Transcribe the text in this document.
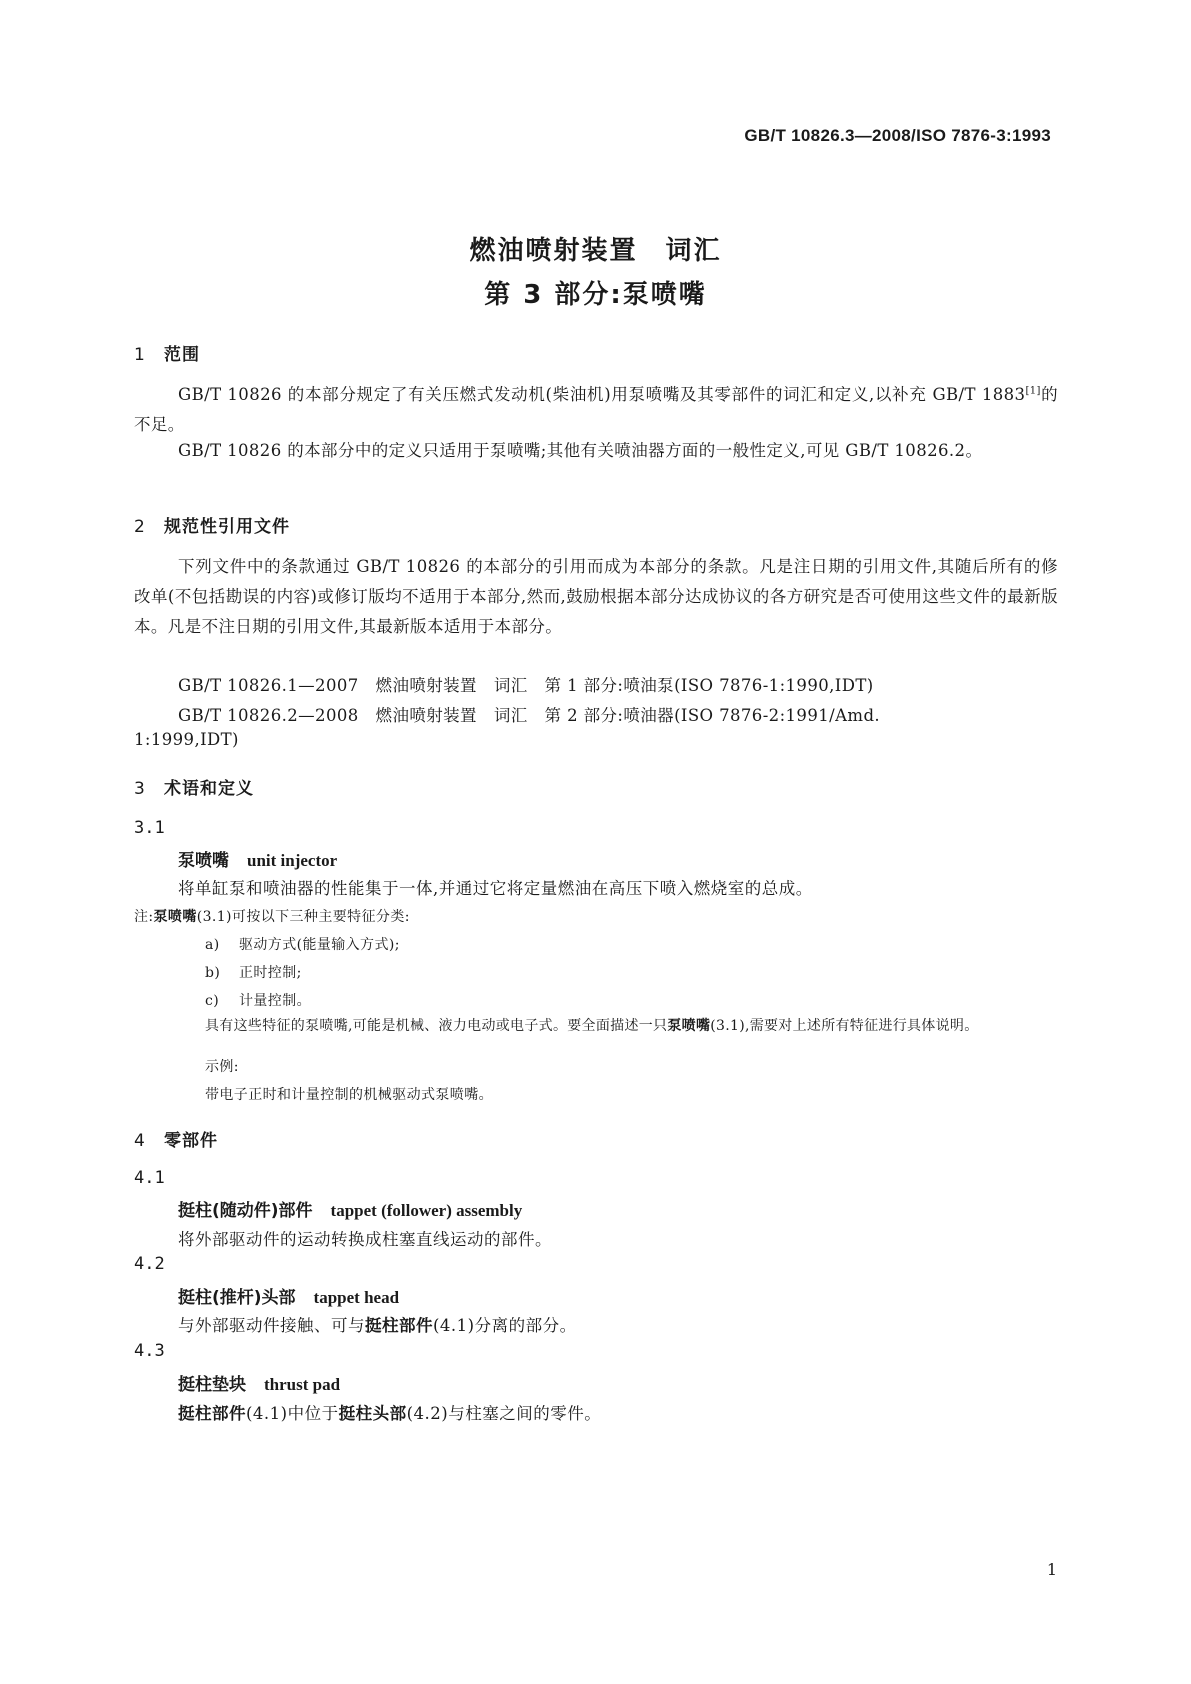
GB/T 10826.3—2008/ISO 7876-3:1993
燃油喷射装置　词汇
第 3 部分:泵喷嘴
1 范围
GB/T 10826 的本部分规定了有关压燃式发动机(柴油机)用泵喷嘴及其零部件的词汇和定义,以补充 GB/T 1883[1]的不足。
GB/T 10826 的本部分中的定义只适用于泵喷嘴;其他有关喷油器方面的一般性定义,可见 GB/T 10826.2。
2 规范性引用文件
下列文件中的条款通过 GB/T 10826 的本部分的引用而成为本部分的条款。凡是注日期的引用文件,其随后所有的修改单(不包括勘误的内容)或修订版均不适用于本部分,然而,鼓励根据本部分达成协议的各方研究是否可使用这些文件的最新版本。凡是不注日期的引用文件,其最新版本适用于本部分。
GB/T 10826.1—2007　燃油喷射装置　词汇　第 1 部分:喷油泵(ISO 7876-1:1990,IDT)
GB/T 10826.2—2008　燃油喷射装置　词汇　第 2 部分:喷油器(ISO 7876-2:1991/Amd.
1:1999,IDT)
3 术语和定义
3.1
泵喷嘴 unit injector
将单缸泵和喷油器的性能集于一体,并通过它将定量燃油在高压下喷入燃烧室的总成。
注:泵喷嘴(3.1)可按以下三种主要特征分类:
a) 驱动方式(能量输入方式);
b) 正时控制;
c) 计量控制。
具有这些特征的泵喷嘴,可能是机械、液力电动或电子式。要全面描述一只泵喷嘴(3.1),需要对上述所有特征进行具体说明。
示例:
带电子正时和计量控制的机械驱动式泵喷嘴。
4 零部件
4.1
挺柱(随动件)部件 tappet (follower) assembly
将外部驱动件的运动转换成柱塞直线运动的部件。
4.2
挺柱(推杆)头部 tappet head
与外部驱动件接触、可与挺柱部件(4.1)分离的部分。
4.3
挺柱垫块 thrust pad
挺柱部件(4.1)中位于挺柱头部(4.2)与柱塞之间的零件。
1
